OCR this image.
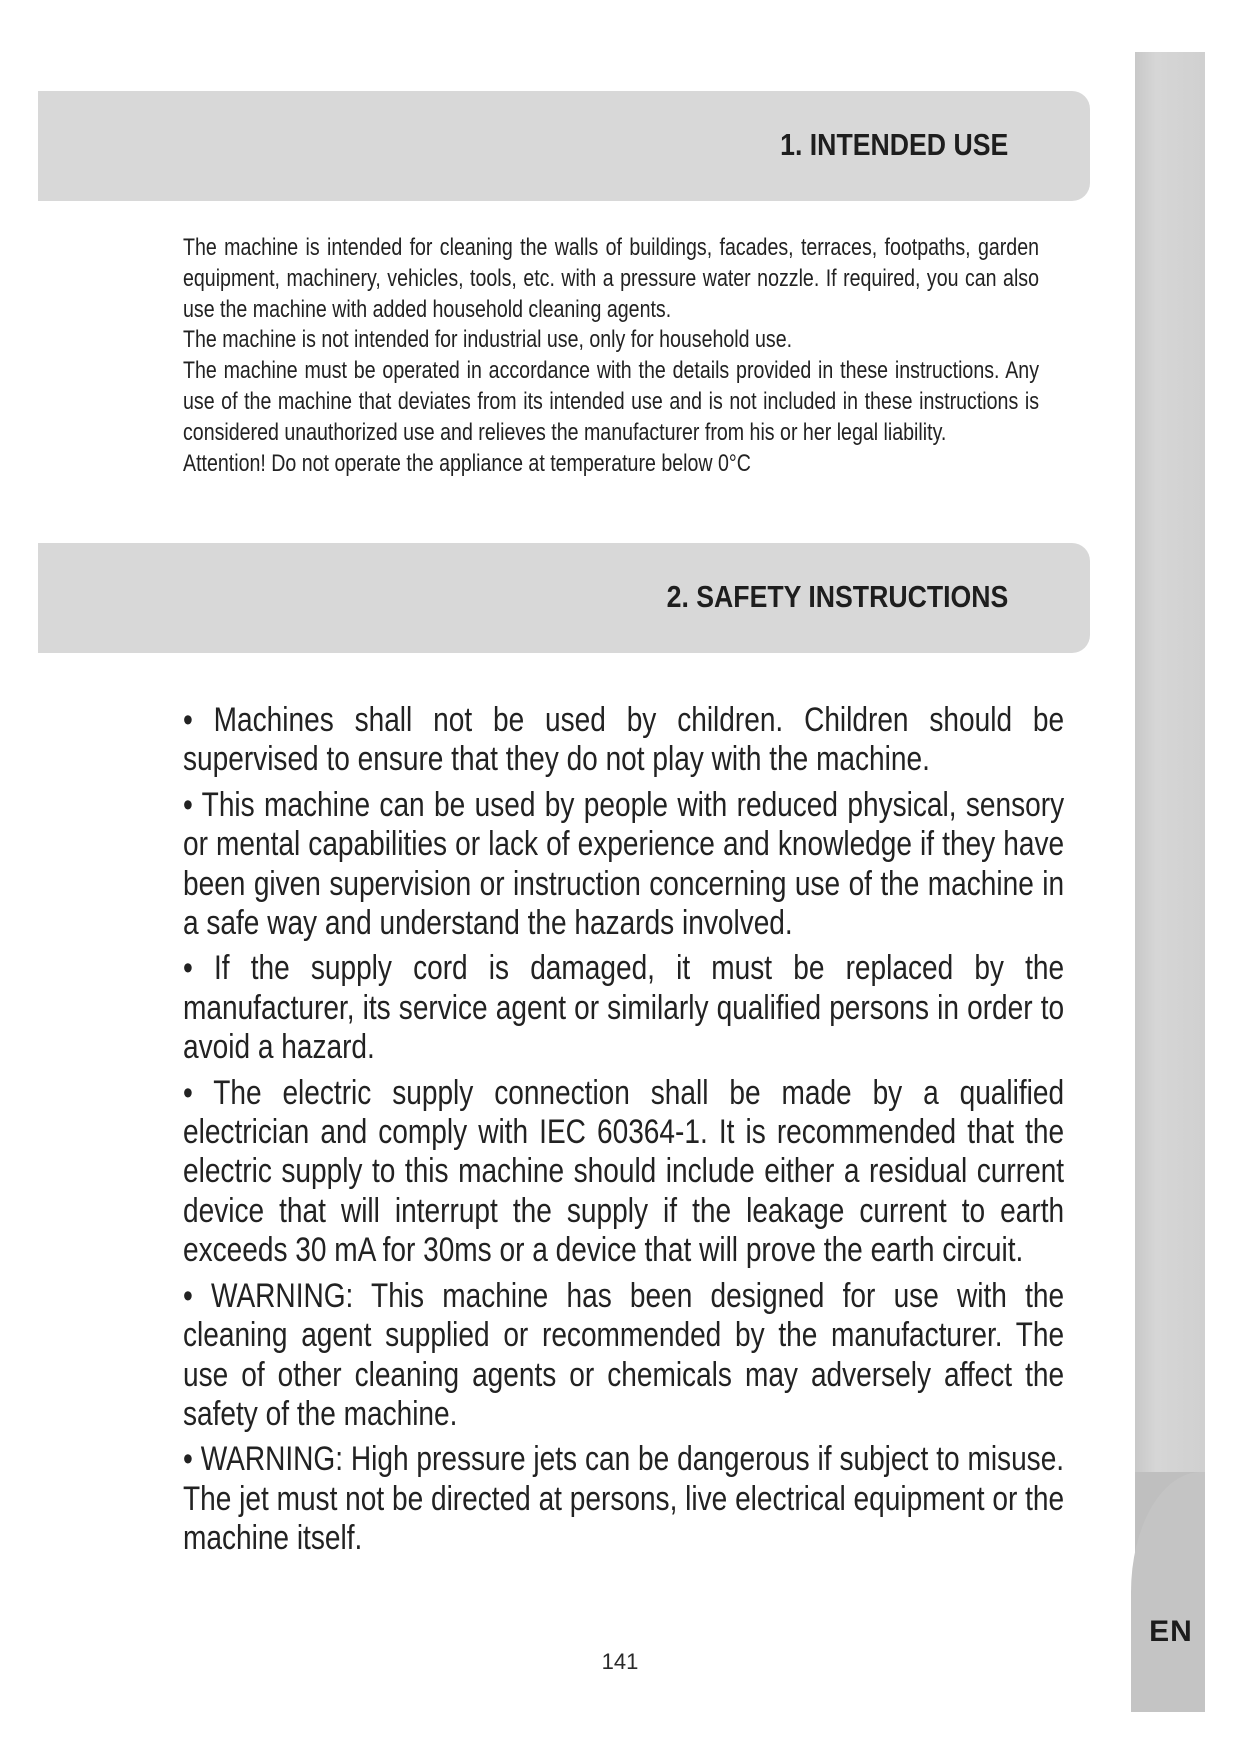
EN
1. INTENDED USE

The machine is intended for cleaning the walls of buildings, facades, terraces, footpaths, garden equipment, machinery, vehicles, tools, etc. with a pressure water nozzle. If required, you can also use the machine with added household cleaning agents.

The machine is not intended for industrial use, only for household use.

The machine must be operated in accordance with the details provided in these instructions. Any use of the machine that deviates from its intended use and is not included in these instructions is considered unauthorized use and relieves the manufacturer from his or her legal liability.

Attention! Do not operate the appliance at temperature below 0°C

2. SAFETY INSTRUCTIONS

• Machines shall not be used by children. Children should be supervised to ensure that they do not play with the machine.

• This machine can be used by people with reduced physical, sensory or mental capabilities or lack of experience and knowledge if they have been given supervision or instruction concerning use of the machine in a safe way and understand the hazards involved.

• If the supply cord is damaged, it must be replaced by the manufacturer, its service agent or similarly qualified persons in order to avoid a hazard.

• The electric supply connection shall be made by a qualified electrician and comply with IEC 60364-1. It is recommended that the electric supply to this machine should include either a residual current device that will interrupt the supply if the leakage current to earth exceeds 30 mA for 30ms or a device that will prove the earth circuit.

• WARNING: This machine has been designed for use with the cleaning agent supplied or recommended by the manufacturer. The use of other cleaning agents or chemicals may adversely affect the safety of the machine.

• WARNING: High pressure jets can be dangerous if subject to misuse. The jet must not be directed at persons, live electrical equipment or the machine itself.

141
